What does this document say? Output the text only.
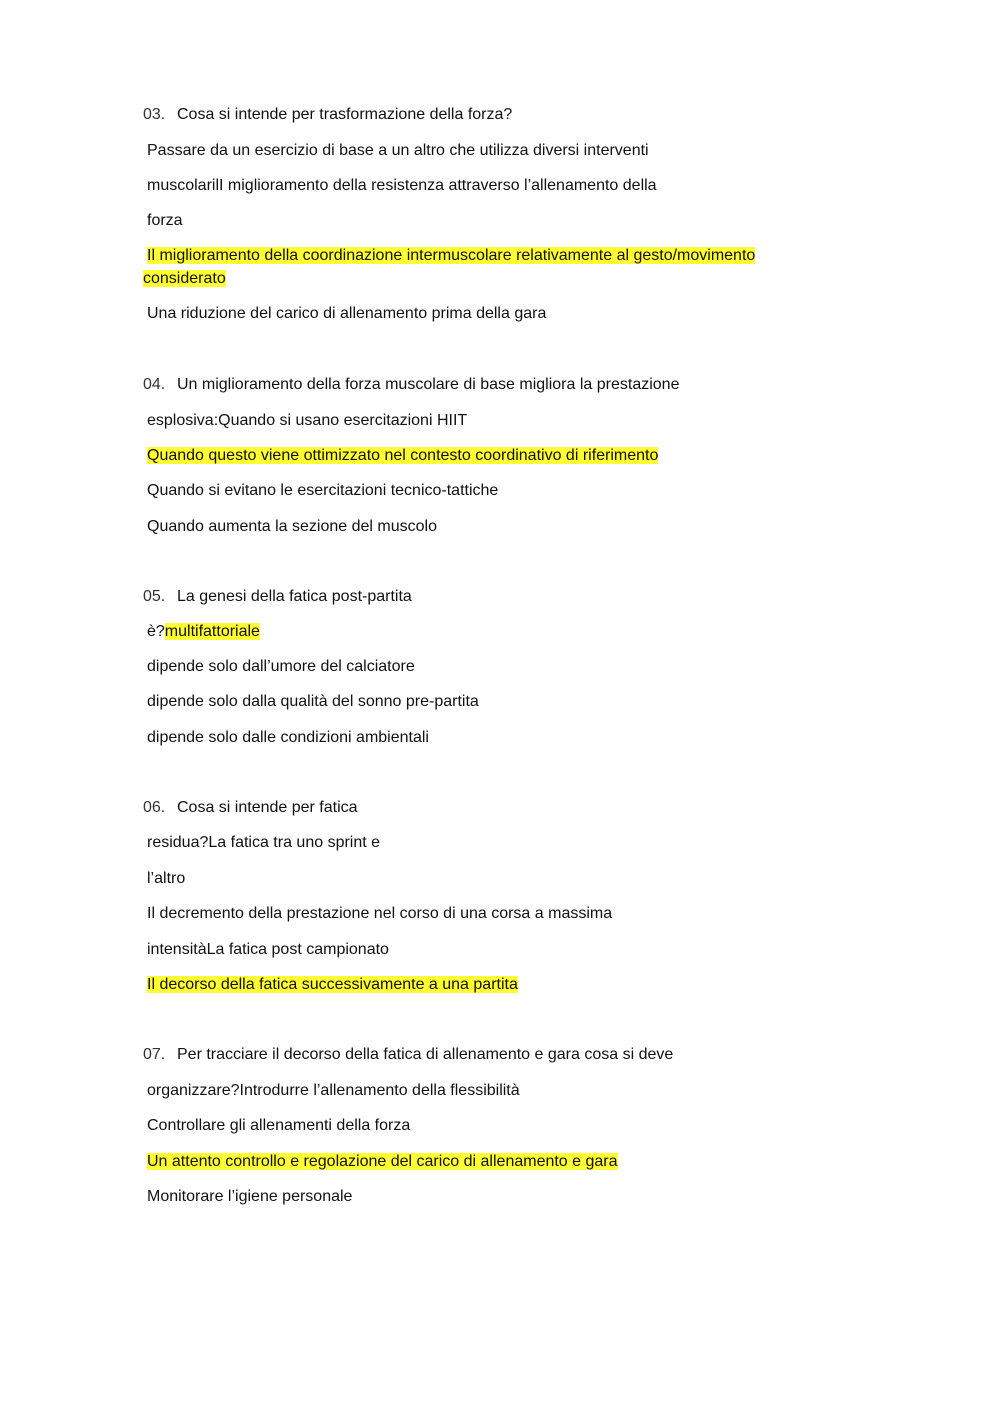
03. Cosa si intende per trasformazione della forza?
Passare da un esercizio di base a un altro che utilizza diversi interventi
muscolarilI miglioramento della resistenza attraverso l’allenamento della
forza
Il miglioramento della coordinazione intermuscolare relativamente al gesto/movimento
considerato
Una riduzione del carico di allenamento prima della gara
04. Un miglioramento della forza muscolare di base migliora la prestazione
esplosiva:Quando si usano esercitazioni HIIT
Quando questo viene ottimizzato nel contesto coordinativo di riferimento
Quando si evitano le esercitazioni tecnico-tattiche
Quando aumenta la sezione del muscolo
05. La genesi della fatica post-partita
è?multifattoriale
dipende solo dall’umore del calciatore
dipende solo dalla qualità del sonno pre-partita
dipende solo dalle condizioni ambientali
06. Cosa si intende per fatica
residua?La fatica tra uno sprint e
l’altro
Il decremento della prestazione nel corso di una corsa a massima
intensitàLa fatica post campionato
Il decorso della fatica successivamente a una partita
07. Per tracciare il decorso della fatica di allenamento e gara cosa si deve
organizzare?Introdurre l’allenamento della flessibilità
Controllare gli allenamenti della forza
Un attento controllo e regolazione del carico di allenamento e gara
Monitorare l’igiene personale
